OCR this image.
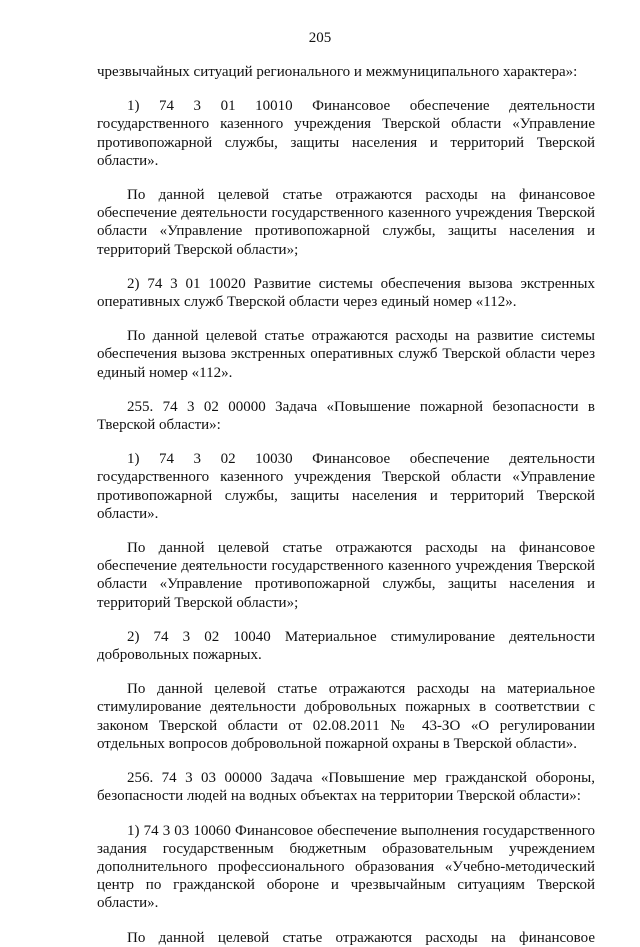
205

чрезвычайных ситуаций регионального и межмуниципального характера»:

1) 74 3 01 10010 Финансовое обеспечение деятельности государственного казенного учреждения Тверской области «Управление противопожарной службы, защиты населения и территорий Тверской области».

По данной целевой статье отражаются расходы на финансовое обеспечение деятельности государственного казенного учреждения Тверской области «Управление противопожарной службы, защиты населения и территорий Тверской области»;

2) 74 3 01 10020 Развитие системы обеспечения вызова экстренных оперативных служб Тверской области через единый номер «112».

По данной целевой статье отражаются расходы на развитие системы обеспечения вызова экстренных оперативных служб Тверской области через единый номер «112».

255. 74 3 02 00000 Задача «Повышение пожарной безопасности в Тверской области»:

1) 74 3 02 10030 Финансовое обеспечение деятельности государственного казенного учреждения Тверской области «Управление противопожарной службы, защиты населения и территорий Тверской области».

По данной целевой статье отражаются расходы на финансовое обеспечение деятельности государственного казенного учреждения Тверской области «Управление противопожарной службы, защиты населения и территорий Тверской области»;

2) 74 3 02 10040 Материальное стимулирование деятельности добровольных пожарных.

По данной целевой статье отражаются расходы на материальное стимулирование деятельности добровольных пожарных в соответствии с законом Тверской области от 02.08.2011 № 43-ЗО «О регулировании отдельных вопросов добровольной пожарной охраны в Тверской области».

256. 74 3 03 00000 Задача «Повышение мер гражданской обороны, безопасности людей на водных объектах на территории Тверской области»:

1) 74 3 03 10060 Финансовое обеспечение выполнения государственного задания государственным бюджетным образовательным учреждением дополнительного профессионального образования «Учебно-методический центр по гражданской обороне и чрезвычайным ситуациям Тверской области».

По данной целевой статье отражаются расходы на финансовое
